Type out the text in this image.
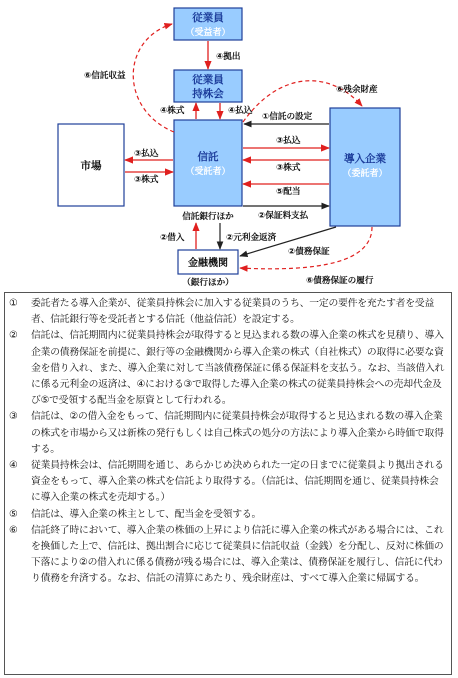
従業員
（受益者）
従業員
持株会
市場
信託
（受託者）
信託銀行ほか
導入企業
（委託者）
金融機関
（銀行ほか）
④拠出
④株式	④払込
⑥信託収益
⑥残余財産
①信託の設定
③払込
③株式
③払込
③株式
⑤配当
②保証料支払
②借入	②元利金返済
②債務保証
⑥債務保証の履行
①	委託者たる導入企業が、従業員持株会に加入する従業員のうち、一定の要件を充たす者を受益者、信託銀行等を受託者とする信託（他益信託）を設定する。
②	信託は、信託期間内に従業員持株会が取得すると見込まれる数の導入企業の株式を見積り、導入企業の債務保証を前提に、銀行等の金融機関から導入企業の株式（自社株式）の取得に必要な資金を借り入れ、また、導入企業に対して当該債務保証に係る保証料を支払う。なお、当該借入れに係る元利金の返済は、④における③で取得した導入企業の株式の従業員持株会への売却代金及び⑤で受領する配当金を原資として行われる。
③	信託は、②の借入金をもって、信託期間内に従業員持株会が取得すると見込まれる数の導入企業の株式を市場から又は新株の発行もしくは自己株式の処分の方法により導入企業から時価で取得する。
④	従業員持株会は、信託期間を通じ、あらかじめ決められた一定の日までに従業員より拠出される資金をもって、導入企業の株式を信託より取得する。（信託は、信託期間を通じ、従業員持株会に導入企業の株式を売却する。）
⑤	信託は、導入企業の株主として、配当金を受領する。
⑥	信託終了時において、導入企業の株価の上昇により信託に導入企業の株式がある場合には、これを換価した上で、信託は、拠出割合に応じて従業員に信託収益（金銭）を分配し、反対に株価の下落により②の借入れに係る債務が残る場合には、導入企業は、債務保証を履行し、信託に代わり債務を弁済する。なお、信託の清算にあたり、残余財産は、すべて導入企業に帰属する。
